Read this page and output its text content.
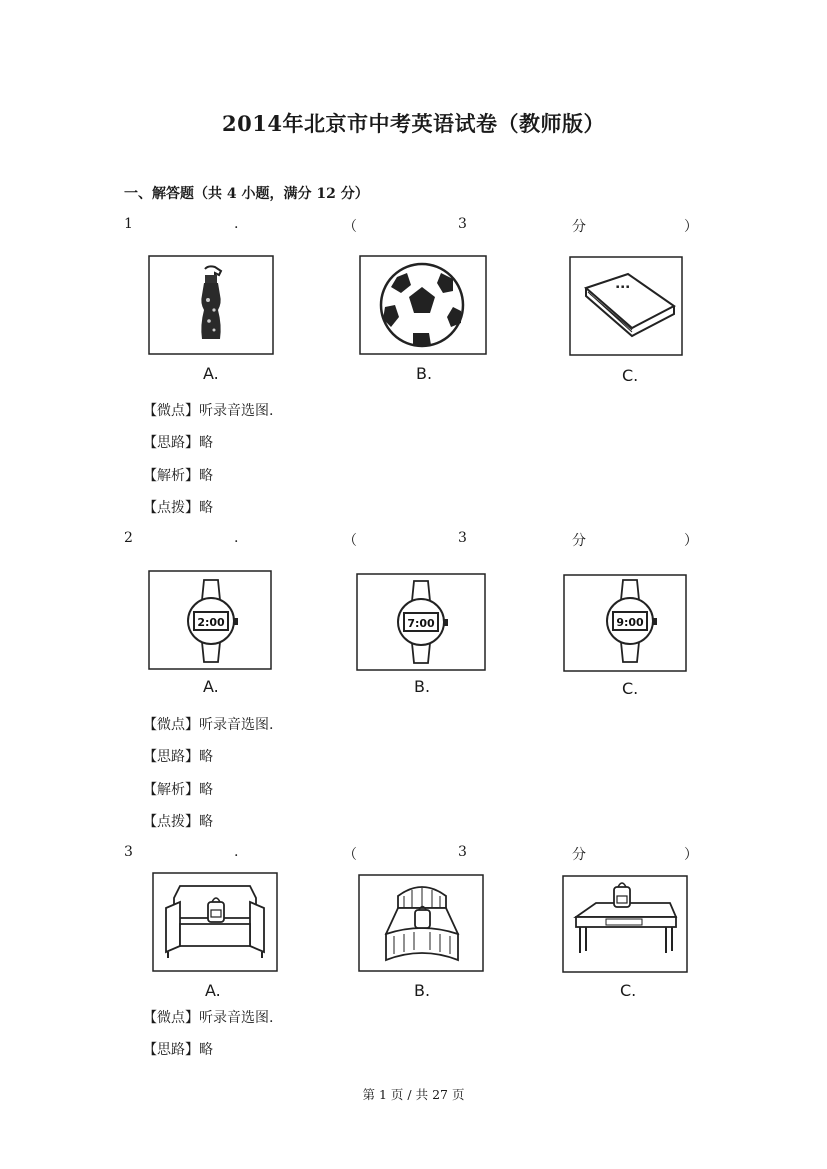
2014年北京市中考英语试卷（教师版）
一、解答题（共 4 小题，满分 12 分）
1	.	（	3	分	）
A.	B.
▪ ▪ ▪
C.
【微点】听录音选图.
【思路】略
【解析】略
【点拨】略
2	.	（	3	分	）
2:00
A.
7:00
B.
9:00
C.
【微点】听录音选图.
【思路】略
【解析】略
【点拨】略
3	.	（	3	分	）
A.	B.	C.
【微点】听录音选图.
【思路】略
第 1 页 / 共 27 页
